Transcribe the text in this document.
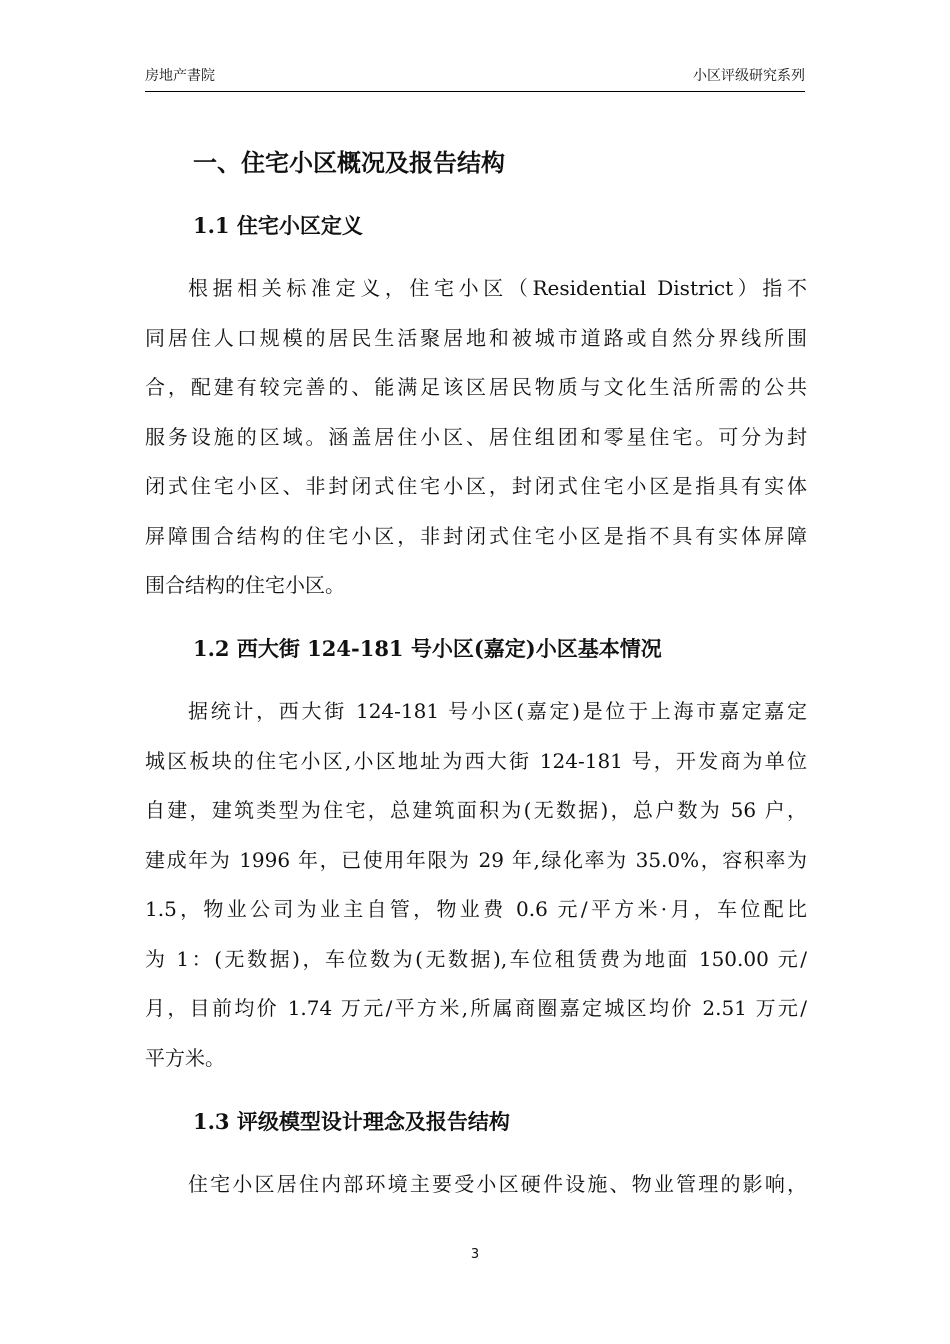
房地产書院	小区评级研究系列
一、住宅小区概况及报告结构
1.1 住宅小区定义
根据相关标准定义，住宅小区（Residential District）指不
同居住人口规模的居民生活聚居地和被城市道路或自然分界线所围
合，配建有较完善的、能满足该区居民物质与文化生活所需的公共
服务设施的区域。涵盖居住小区、居住组团和零星住宅。可分为封
闭式住宅小区、非封闭式住宅小区，封闭式住宅小区是指具有实体
屏障围合结构的住宅小区，非封闭式住宅小区是指不具有实体屏障
围合结构的住宅小区。
1.2 西大街 124-181 号小区(嘉定)小区基本情况
据统计，西大街 124-181 号小区(嘉定)是位于上海市嘉定嘉定
城区板块的住宅小区,小区地址为西大街 124-181 号，开发商为单位
自建，建筑类型为住宅，总建筑面积为(无数据)，总户数为 56 户，
建成年为 1996 年，已使用年限为 29 年,绿化率为 35.0%，容积率为
1.5，物业公司为业主自管，物业费 0.6 元/平方米·月，车位配比
为 1：(无数据)，车位数为(无数据),车位租赁费为地面 150.00 元/
月，目前均价 1.74 万元/平方米,所属商圈嘉定城区均价 2.51 万元/
平方米。
1.3 评级模型设计理念及报告结构
住宅小区居住内部环境主要受小区硬件设施、物业管理的影响，
3
